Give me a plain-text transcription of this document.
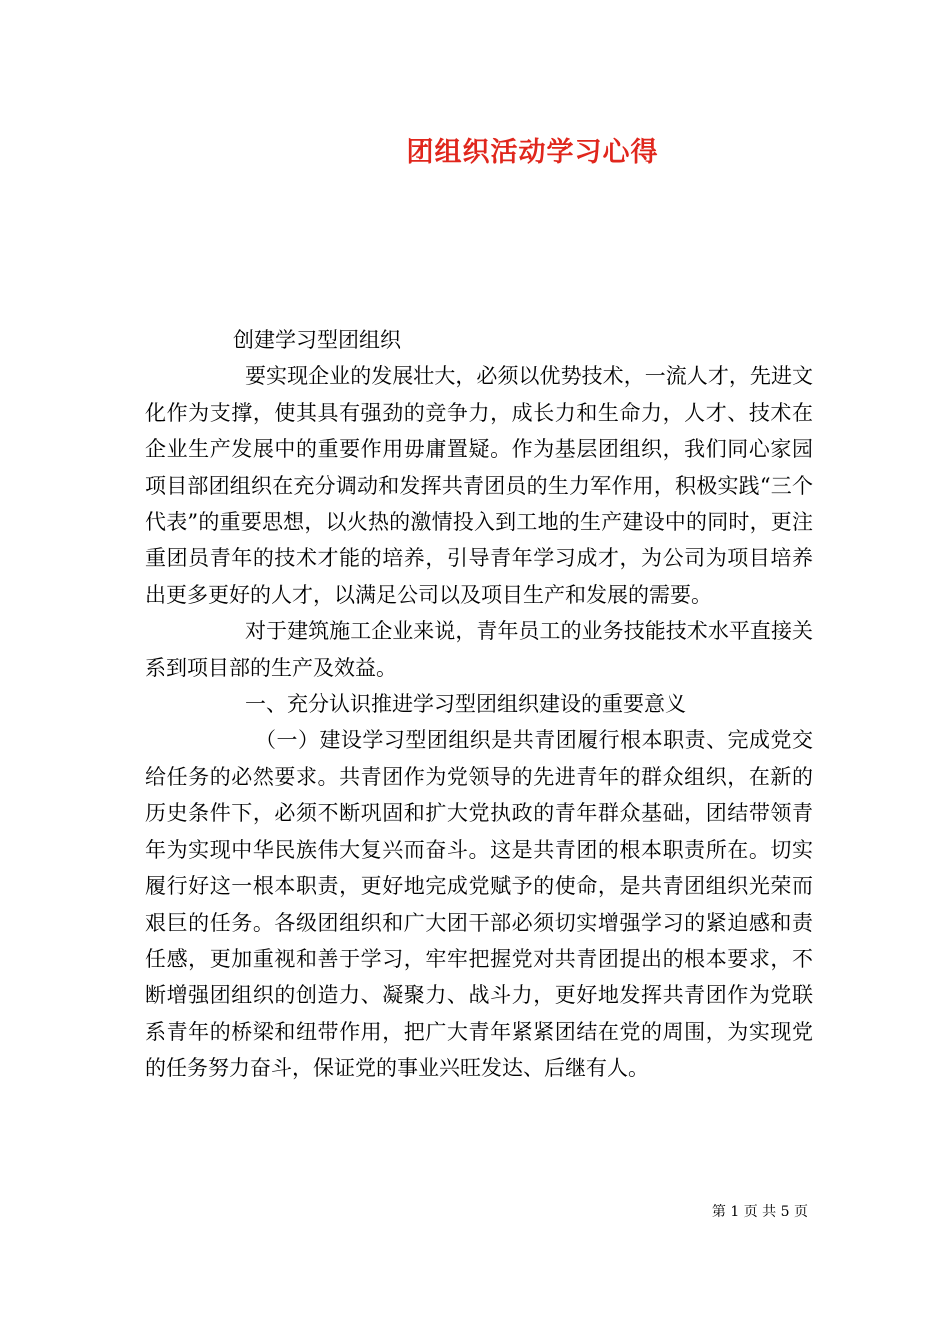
团组织活动学习心得

创建学习型团组织

要实现企业的发展壮大，必须以优势技术，一流人才，先进文化作为支撑，使其具有强劲的竞争力，成长力和生命力，人才、技术在企业生产发展中的重要作用毋庸置疑。作为基层团组织，我们同心家园项目部团组织在充分调动和发挥共青团员的生力军作用，积极实践“三个代表”的重要思想，以火热的激情投入到工地的生产建设中的同时，更注重团员青年的技术才能的培养，引导青年学习成才，为公司为项目培养出更多更好的人才，以满足公司以及项目生产和发展的需要。

对于建筑施工企业来说，青年员工的业务技能技术水平直接关系到项目部的生产及效益。

一、充分认识推进学习型团组织建设的重要意义

（一）建设学习型团组织是共青团履行根本职责、完成党交给任务的必然要求。共青团作为党领导的先进青年的群众组织，在新的历史条件下，必须不断巩固和扩大党执政的青年群众基础，团结带领青年为实现中华民族伟大复兴而奋斗。这是共青团的根本职责所在。切实履行好这一根本职责，更好地完成党赋予的使命，是共青团组织光荣而艰巨的任务。各级团组织和广大团干部必须切实增强学习的紧迫感和责任感，更加重视和善于学习，牢牢把握党对共青团提出的根本要求，不断增强团组织的创造力、凝聚力、战斗力，更好地发挥共青团作为党联系青年的桥梁和纽带作用，把广大青年紧紧团结在党的周围，为实现党的任务努力奋斗，保证党的事业兴旺发达、后继有人。

第 1 页 共 5 页
